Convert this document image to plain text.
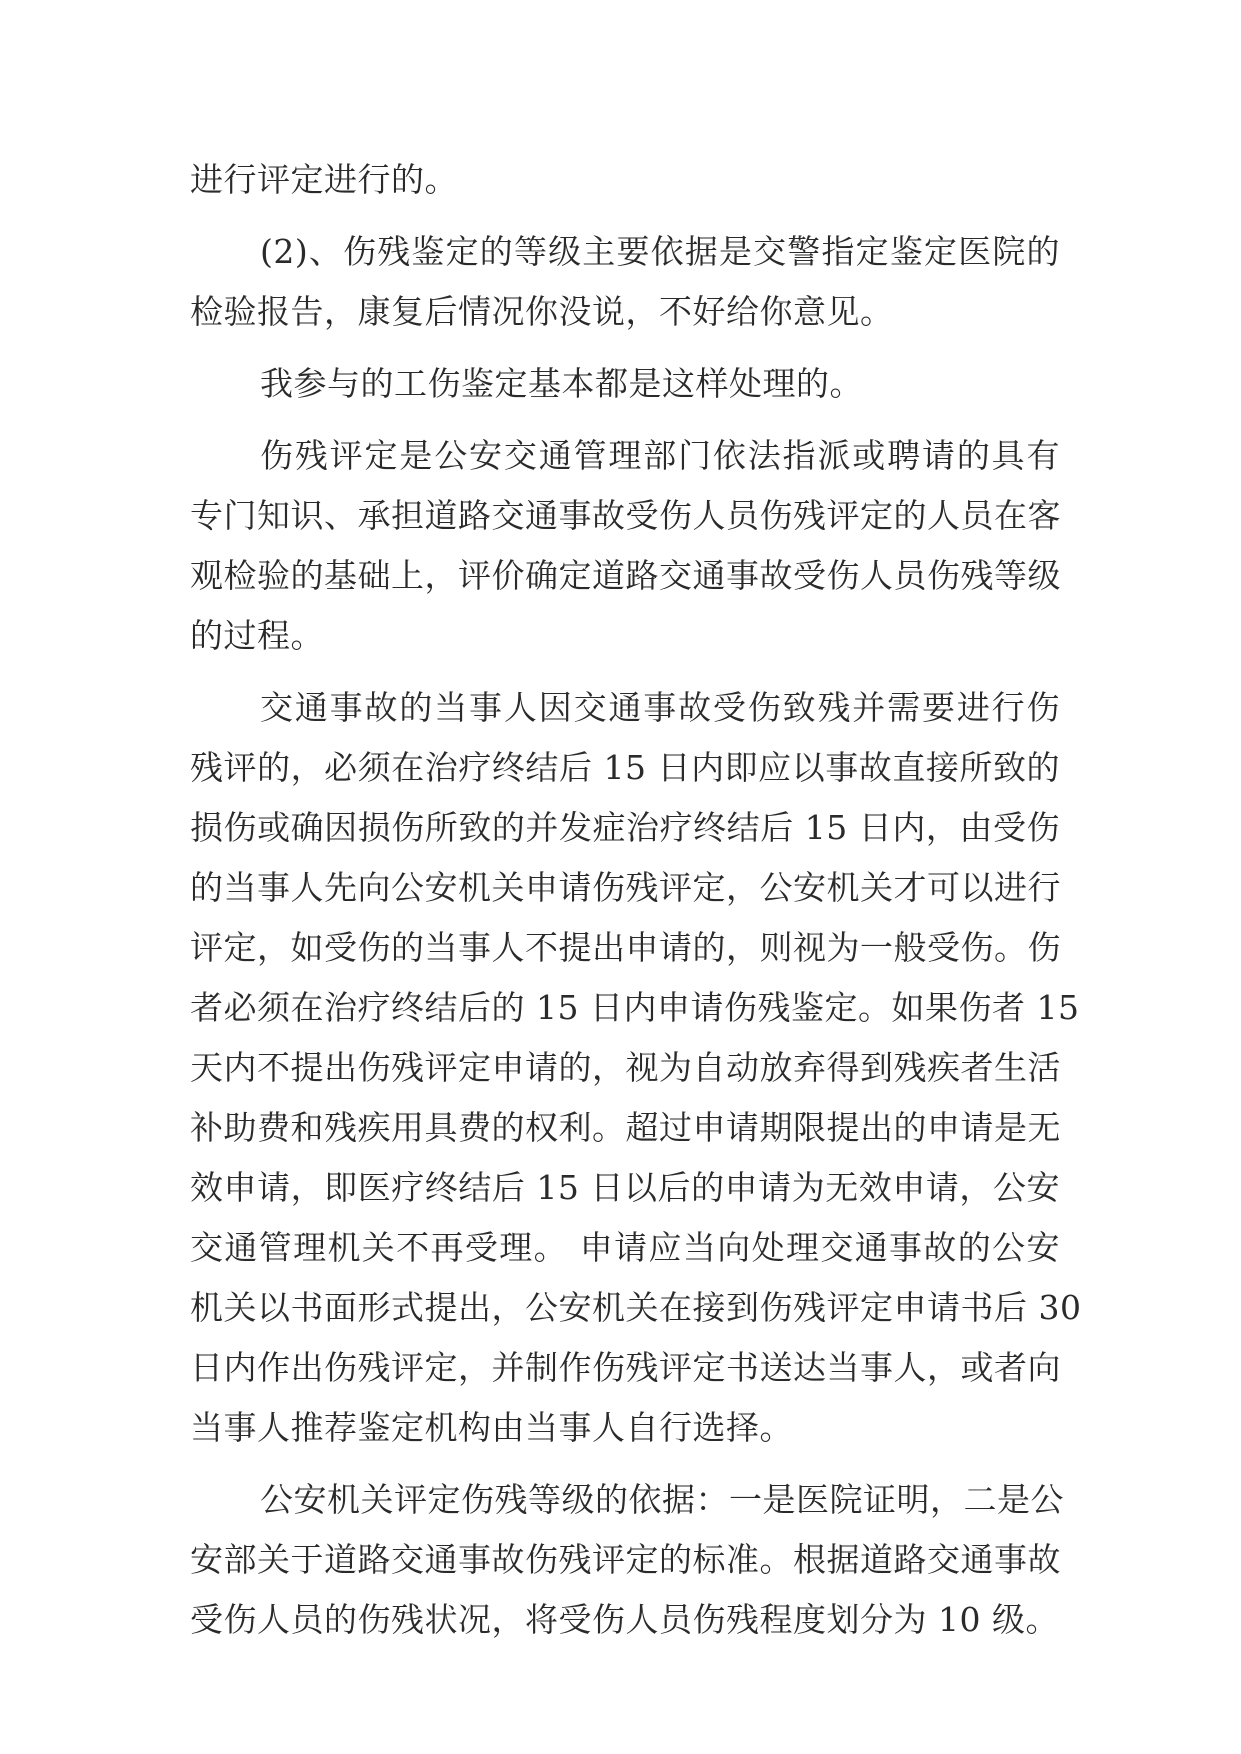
进行评定进行的。
(2)、伤残鉴定的等级主要依据是交警指定鉴定医院的
检验报告，康复后情况你没说，不好给你意见。
我参与的工伤鉴定基本都是这样处理的。
伤残评定是公安交通管理部门依法指派或聘请的具有
专门知识、承担道路交通事故受伤人员伤残评定的人员在客
观检验的基础上，评价确定道路交通事故受伤人员伤残等级
的过程。
交通事故的当事人因交通事故受伤致残并需要进行伤
残评的，必须在治疗终结后 15 日内即应以事故直接所致的
损伤或确因损伤所致的并发症治疗终结后 15 日内，由受伤
的当事人先向公安机关申请伤残评定，公安机关才可以进行
评定，如受伤的当事人不提出申请的，则视为一般受伤。伤
者必须在治疗终结后的 15 日内申请伤残鉴定。如果伤者 15
天内不提出伤残评定申请的，视为自动放弃得到残疾者生活
补助费和残疾用具费的权利。超过申请期限提出的申请是无
效申请，即医疗终结后 15 日以后的申请为无效申请，公安
交通管理机关不再受理。 申请应当向处理交通事故的公安
机关以书面形式提出，公安机关在接到伤残评定申请书后 30
日内作出伤残评定，并制作伤残评定书送达当事人，或者向
当事人推荐鉴定机构由当事人自行选择。
公安机关评定伤残等级的依据：一是医院证明，二是公
安部关于道路交通事故伤残评定的标准。根据道路交通事故
受伤人员的伤残状况，将受伤人员伤残程度划分为 10 级。
